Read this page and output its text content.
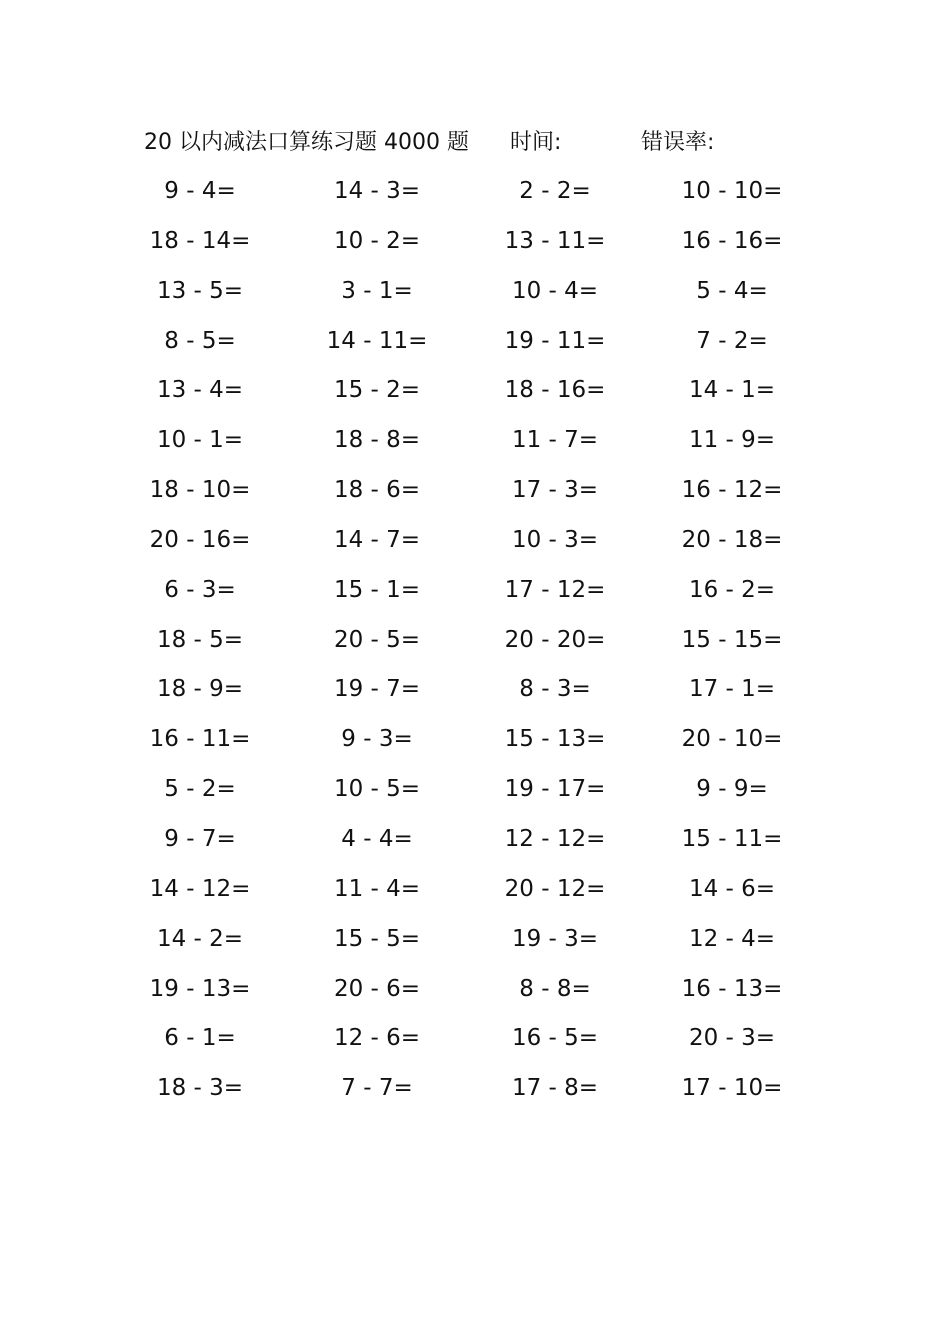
20 以内减法口算练习题 4000 题 时间:	错误率:
9 - 4=	14 - 3=	2 - 2=	10 - 10=
18 - 14=	10 - 2=	13 - 11=	16 - 16=
13 - 5=	3 - 1=	10 - 4=	5 - 4=
8 - 5=	14 - 11=	19 - 11=	7 - 2=
13 - 4=	15 - 2=	18 - 16=	14 - 1=
10 - 1=	18 - 8=	11 - 7=	11 - 9=
18 - 10=	18 - 6=	17 - 3=	16 - 12=
20 - 16=	14 - 7=	10 - 3=	20 - 18=
6 - 3=	15 - 1=	17 - 12=	16 - 2=
18 - 5=	20 - 5=	20 - 20=	15 - 15=
18 - 9=	19 - 7=	8 - 3=	17 - 1=
16 - 11=	9 - 3=	15 - 13=	20 - 10=
5 - 2=	10 - 5=	19 - 17=	9 - 9=
9 - 7=	4 - 4=	12 - 12=	15 - 11=
14 - 12=	11 - 4=	20 - 12=	14 - 6=
14 - 2=	15 - 5=	19 - 3=	12 - 4=
19 - 13=	20 - 6=	8 - 8=	16 - 13=
6 - 1=	12 - 6=	16 - 5=	20 - 3=
18 - 3=	7 - 7=	17 - 8=	17 - 10=
